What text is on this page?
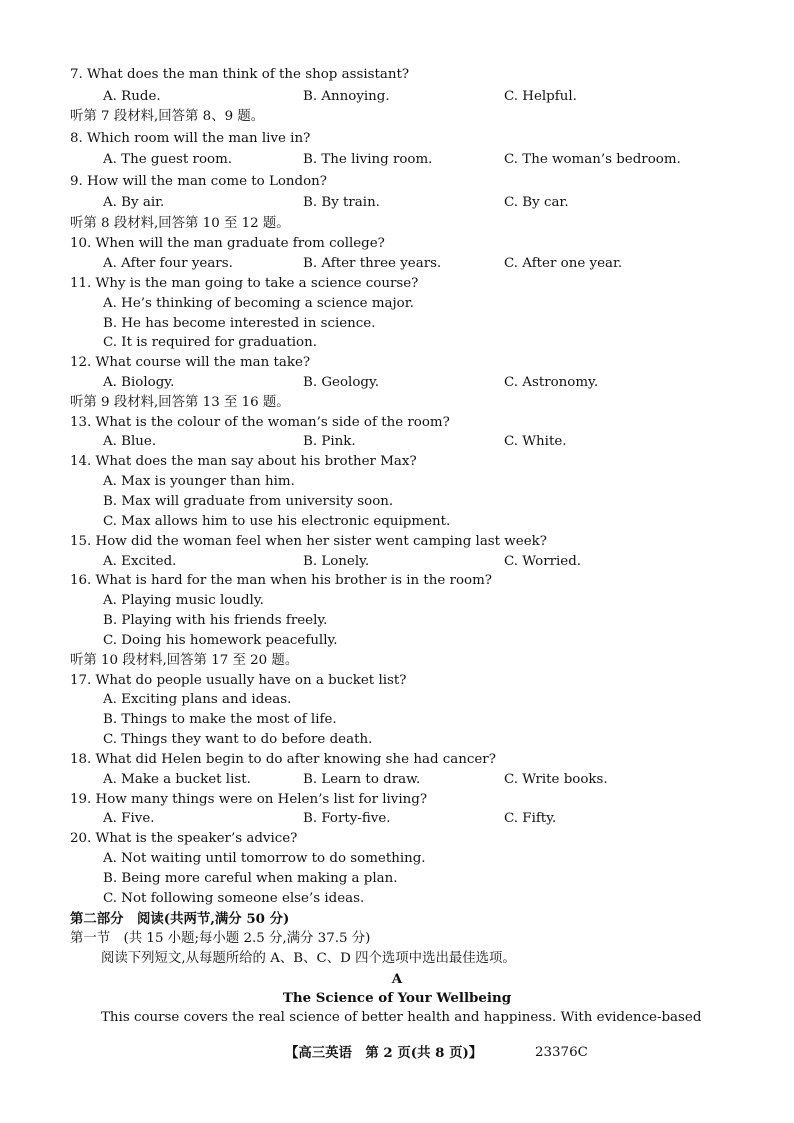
7. What does the man think of the shop assistant?
A. Rude.	B. Annoying.	C. Helpful.
听第 7 段材料,回答第 8、9 题。
8. Which room will the man live in?
A. The guest room.	B. The living room.	C. The woman’s bedroom.
9. How will the man come to London?
A. By air.	B. By train.	C. By car.
听第 8 段材料,回答第 10 至 12 题。
10. When will the man graduate from college?
A. After four years.	B. After three years.	C. After one year.
11. Why is the man going to take a science course?
A. He’s thinking of becoming a science major.
B. He has become interested in science.
C. It is required for graduation.
12. What course will the man take?
A. Biology.	B. Geology.	C. Astronomy.
听第 9 段材料,回答第 13 至 16 题。
13. What is the colour of the woman’s side of the room?
A. Blue.	B. Pink.	C. White.
14. What does the man say about his brother Max?
A. Max is younger than him.
B. Max will graduate from university soon.
C. Max allows him to use his electronic equipment.
15. How did the woman feel when her sister went camping last week?
A. Excited.	B. Lonely.	C. Worried.
16. What is hard for the man when his brother is in the room?
A. Playing music loudly.
B. Playing with his friends freely.
C. Doing his homework peacefully.
听第 10 段材料,回答第 17 至 20 题。
17. What do people usually have on a bucket list?
A. Exciting plans and ideas.
B. Things to make the most of life.
C. Things they want to do before death.
18. What did Helen begin to do after knowing she had cancer?
A. Make a bucket list.	B. Learn to draw.	C. Write books.
19. How many things were on Helen’s list for living?
A. Five.	B. Forty-five.	C. Fifty.
20. What is the speaker’s advice?
A. Not waiting until tomorrow to do something.
B. Being more careful when making a plan.
C. Not following someone else’s ideas.
第二部分　阅读(共两节,满分 50 分)
第一节　(共 15 小题;每小题 2.5 分,满分 37.5 分)
阅读下列短文,从每题所给的 A、B、C、D 四个选项中选出最佳选项。
A
The Science of Your Wellbeing
This course covers the real science of better health and happiness. With evidence-based
【高三英语　第 2 页(共 8 页)】	23376C
